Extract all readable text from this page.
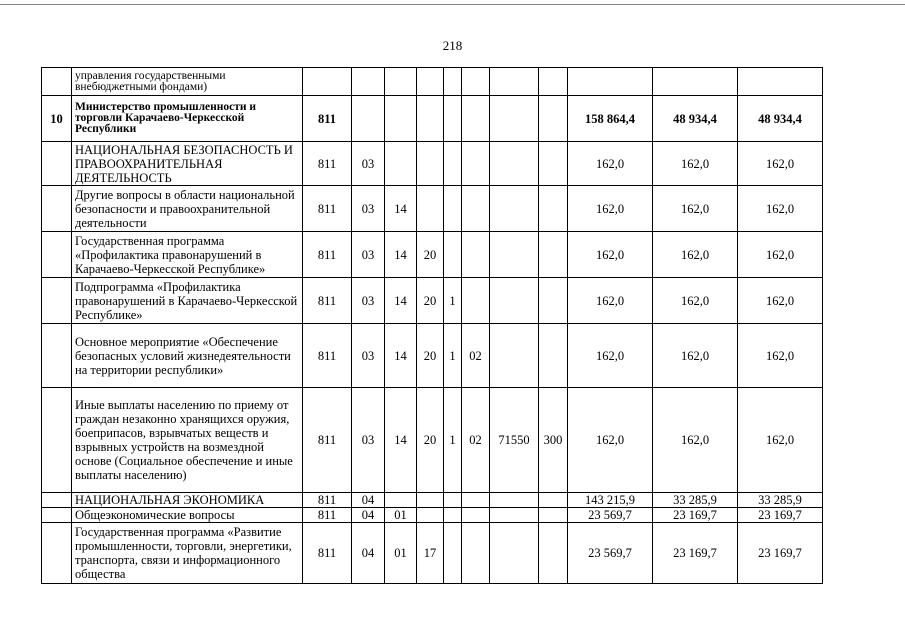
218
	управления государственными внебюджетными фондами)											
10	Министерство промышленности и торговли Карачаево-Черкесской Республики	811								158 864,4	48 934,4	48 934,4
	НАЦИОНАЛЬНАЯ БЕЗОПАСНОСТЬ И ПРАВООХРАНИТЕЛЬНАЯ ДЕЯТЕЛЬНОСТЬ	811	03							162,0	162,0	162,0
	Другие вопросы в области национальной безопасности и правоохранительной деятельности	811	03	14						162,0	162,0	162,0
	Государственная программа «Профилактика правонарушений в Карачаево-Черкесской Республике»	811	03	14	20					162,0	162,0	162,0
	Подпрограмма «Профилактика правонарушений в Карачаево-Черкесской Республике»	811	03	14	20	1				162,0	162,0	162,0
	Основное мероприятие «Обеспечение безопасных условий жизнедеятельности на территории республики»	811	03	14	20	1	02			162,0	162,0	162,0
	Иные выплаты населению по приему от граждан незаконно хранящихся оружия, боеприпасов, взрывчатых веществ и взрывных устройств на возмездной основе (Социальное обеспечение и иные выплаты населению)	811	03	14	20	1	02	71550	300	162,0	162,0	162,0
	НАЦИОНАЛЬНАЯ ЭКОНОМИКА	811	04							143 215,9	33 285,9	33 285,9
	Общеэкономические вопросы	811	04	01						23 569,7	23 169,7	23 169,7
	Государственная программа «Развитие промышленности, торговли, энергетики, транспорта, связи и информационного общества	811	04	01	17					23 569,7	23 169,7	23 169,7
